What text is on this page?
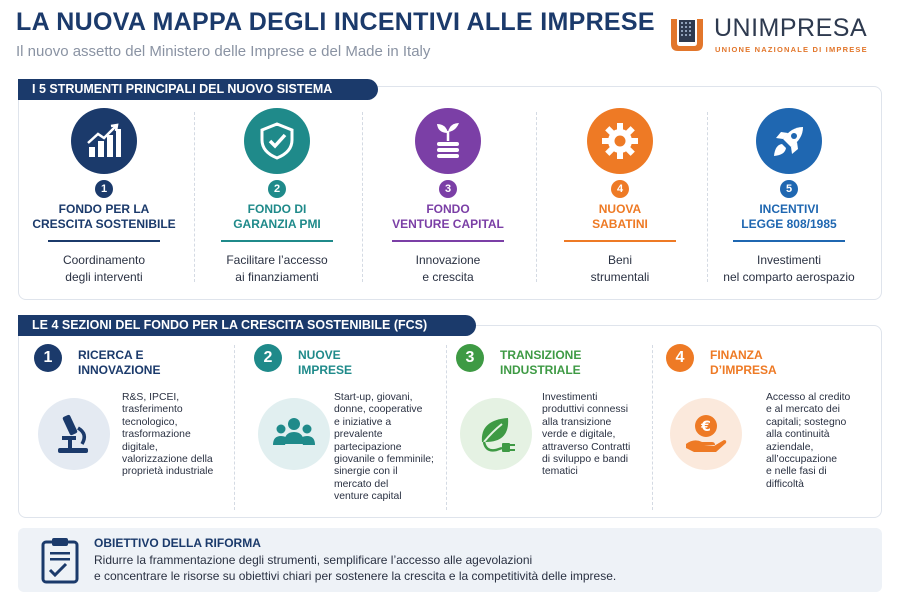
LA NUOVA MAPPA DEGLI INCENTIVI ALLE IMPRESE
Il nuovo assetto del Ministero delle Imprese e del Made in Italy
UNIMPRESA
UNIONE NAZIONALE DI IMPRESE
I 5 STRUMENTI PRINCIPALI DEL NUOVO SISTEMA
1
FONDO PER LA
CRESCITA SOSTENIBILE
Coordinamento
degli interventi
2
FONDO DI
GARANZIA PMI
Facilitare l’accesso
ai finanziamenti
3
FONDO
VENTURE CAPITAL
Innovazione
e crescita
4
NUOVA
SABATINI
Beni
strumentali
5
INCENTIVI
LEGGE 808/1985
Investimenti
nel comparto aerospazio
LE 4 SEZIONI DEL FONDO PER LA CRESCITA SOSTENIBILE (FCS)
1	RICERCA E
INNOVAZIONE
R&S, IPCEI,
trasferimento
tecnologico,
trasformazione
digitale,
valorizzazione della
proprietà industriale
2	NUOVE
IMPRESE
Start-up, giovani,
donne, cooperative
e iniziative a
prevalente
partecipazione
giovanile o femminile;
sinergie con il
mercato del
venture capital
3	TRANSIZIONE
INDUSTRIALE
Investimenti
produttivi connessi
alla transizione
verde e digitale,
attraverso Contratti
di sviluppo e bandi
tematici
4	FINANZA
D’IMPRESA
€
Accesso al credito
e al mercato dei
capitali; sostegno
alla continuità
aziendale,
all’occupazione
e nelle fasi di
difficoltà
OBIETTIVO DELLA RIFORMA
Ridurre la frammentazione degli strumenti, semplificare l’accesso alle agevolazioni
e concentrare le risorse su obiettivi chiari per sostenere la crescita e la competitività delle imprese.
